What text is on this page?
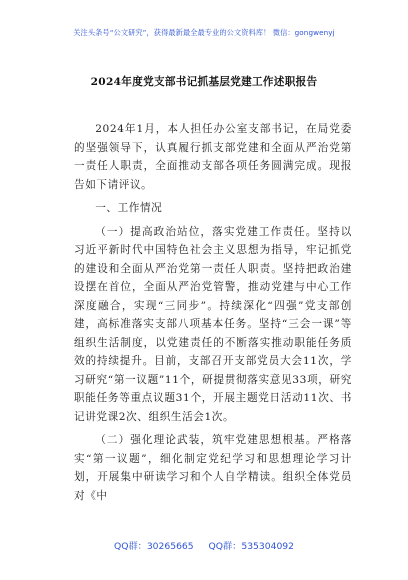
关注头条号“公文研究”，获得最新最全最专业的公文资料库！ 微信：gongwenyj
2024年度党支部书记抓基层党建工作述职报告

2024年1月，本人担任办公室支部书记，在局党委的坚强领导下，认真履行抓支部党建和全面从严治党第一责任人职责，全面推动支部各项任务圆满完成。现报告如下请评议。

一、工作情况

（一）提高政治站位，落实党建工作责任。坚持以习近平新时代中国特色社会主义思想为指导，牢记抓党的建设和全面从严治党第一责任人职责。坚持把政治建设摆在首位，全面从严治党管警，推动党建与中心工作深度融合，实现“三同步”。持续深化“四强”党支部创建，高标准落实支部八项基本任务。坚持“三会一课”等组织生活制度，以党建责任的不断落实推动职能任务质效的持续提升。目前，支部召开支部党员大会11次，学习研究“第一议题”11个，研提贯彻落实意见33项，研究职能任务等重点议题31个，开展主题党日活动11次、书记讲党课2次、组织生活会1次。

（二）强化理论武装，筑牢党建思想根基。严格落实“第一议题”，细化制定党纪学习和思想理论学习计划，开展集中研读学习和个人自学精读。组织全体党员对《中

QQ群：30265665 QQ群：535304092
